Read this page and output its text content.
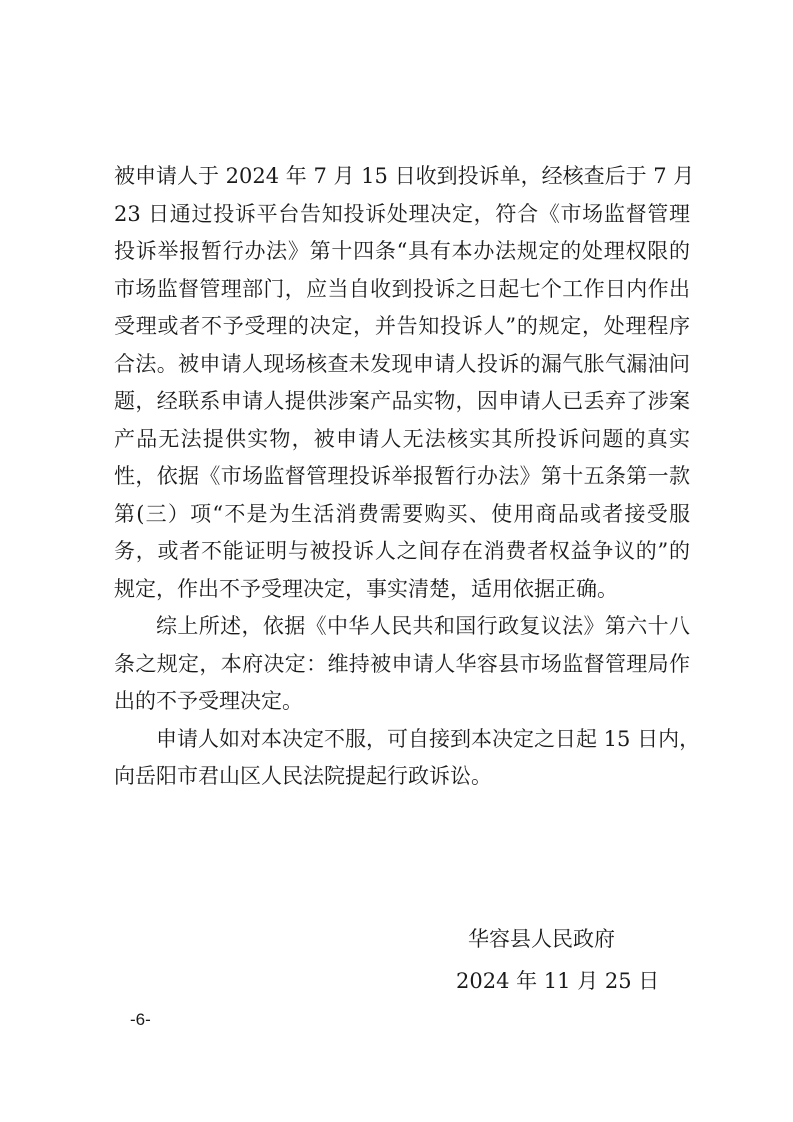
被申请人于 2024 年 7 月 15 日收到投诉单，经核查后于 7 月
23 日通过投诉平台告知投诉处理决定，符合《市场监督管理
投诉举报暂行办法》第十四条“具有本办法规定的处理权限的
市场监督管理部门，应当自收到投诉之日起七个工作日内作出
受理或者不予受理的决定，并告知投诉人”的规定，处理程序
合法。被申请人现场核查未发现申请人投诉的漏气胀气漏油问
题，经联系申请人提供涉案产品实物，因申请人已丢弃了涉案
产品无法提供实物，被申请人无法核实其所投诉问题的真实
性，依据《市场监督管理投诉举报暂行办法》第十五条第一款
第(三）项“不是为生活消费需要购买、使用商品或者接受服
务，或者不能证明与被投诉人之间存在消费者权益争议的”的
规定，作出不予受理决定，事实清楚，适用依据正确。

综上所述，依据《中华人民共和国行政复议法》第六十八
条之规定，本府决定：维持被申请人华容县市场监督管理局作
出的不予受理决定。

申请人如对本决定不服，可自接到本决定之日起 15 日内，
向岳阳市君山区人民法院提起行政诉讼。

华容县人民政府
2024 年 11 月 25 日
-6-
